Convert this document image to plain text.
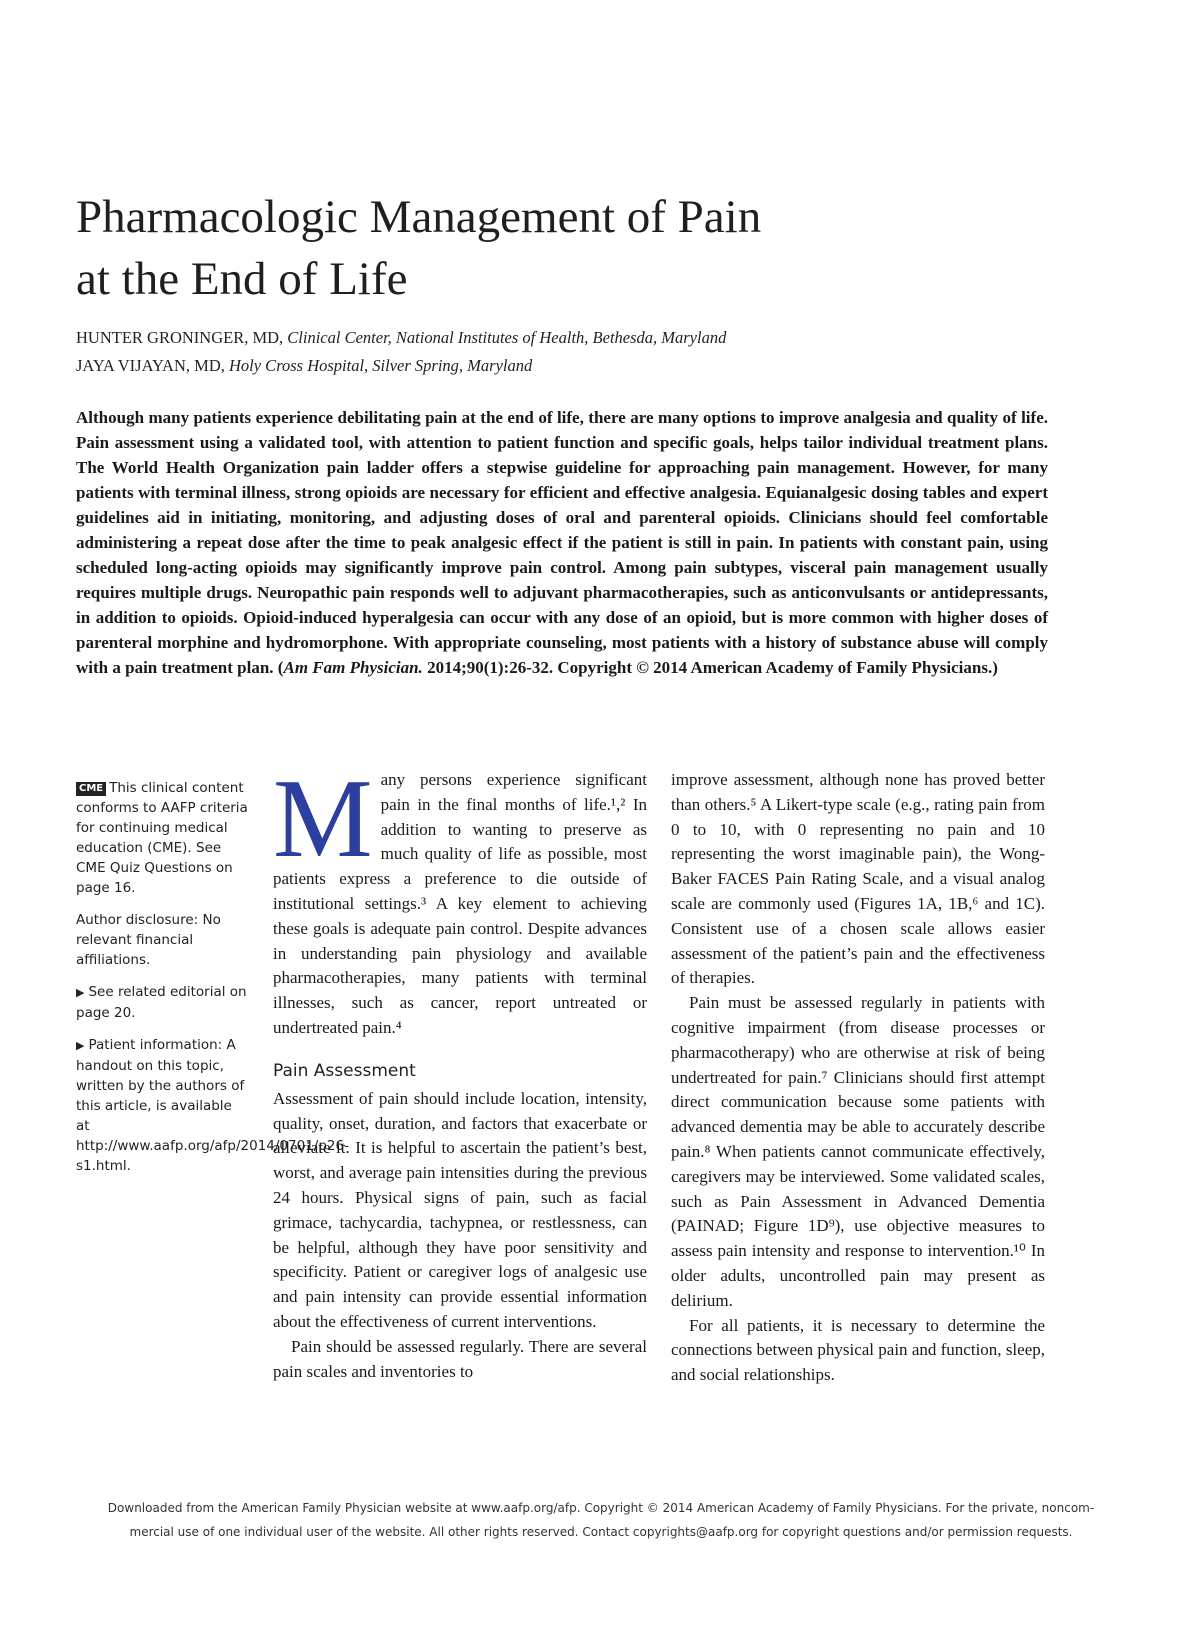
Pharmacologic Management of Pain
at the End of Life
HUNTER GRONINGER, MD, Clinical Center, National Institutes of Health, Bethesda, Maryland
JAYA VIJAYAN, MD, Holy Cross Hospital, Silver Spring, Maryland
Although many patients experience debilitating pain at the end of life, there are many options to improve analgesia and quality of life. Pain assessment using a validated tool, with attention to patient function and specific goals, helps tailor individual treatment plans. The World Health Organization pain ladder offers a stepwise guideline for approaching pain management. However, for many patients with terminal illness, strong opioids are necessary for efficient and effective analgesia. Equianalgesic dosing tables and expert guidelines aid in initiating, monitoring, and adjusting doses of oral and parenteral opioids. Clinicians should feel comfortable administering a repeat dose after the time to peak analgesic effect if the patient is still in pain. In patients with constant pain, using scheduled long-acting opioids may significantly improve pain control. Among pain subtypes, visceral pain management usually requires multiple drugs. Neuropathic pain responds well to adjuvant pharmacotherapies, such as anticonvulsants or antidepressants, in addition to opioids. Opioid-induced hyperalgesia can occur with any dose of an opioid, but is more common with higher doses of parenteral morphine and hydromorphone. With appropriate counseling, most patients with a history of substance abuse will comply with a pain treatment plan. (Am Fam Physician. 2014;90(1):26-32. Copyright © 2014 American Academy of Family Physicians.)

CME This clinical content conforms to AAFP criteria for continuing medical education (CME). See CME Quiz Questions on page 16.

Author disclosure: No relevant financial affiliations.

▶ See related editorial on page 20.

▶ Patient information: A handout on this topic, written by the authors of this article, is available at http://www.aafp.org/afp/2014/0701/p26-s1.html.

Many persons experience significant pain in the final months of life.¹,² In addition to wanting to preserve as much quality of life as possible, most patients express a preference to die outside of institutional settings.³ A key element to achieving these goals is adequate pain control. Despite advances in understanding pain physiology and available pharmacotherapies, many patients with terminal illnesses, such as cancer, report untreated or undertreated pain.⁴

Pain Assessment

Assessment of pain should include location, intensity, quality, onset, duration, and factors that exacerbate or alleviate it. It is helpful to ascertain the patient’s best, worst, and average pain intensities during the previous 24 hours. Physical signs of pain, such as facial grimace, tachycardia, tachypnea, or restlessness, can be helpful, although they have poor sensitivity and specificity. Patient or caregiver logs of analgesic use and pain intensity can provide essential information about the effectiveness of current interventions.

Pain should be assessed regularly. There are several pain scales and inventories to

improve assessment, although none has proved better than others.⁵ A Likert-type scale (e.g., rating pain from 0 to 10, with 0 representing no pain and 10 representing the worst imaginable pain), the Wong-Baker FACES Pain Rating Scale, and a visual analog scale are commonly used (Figures 1A, 1B,⁶ and 1C). Consistent use of a chosen scale allows easier assessment of the patient’s pain and the effectiveness of therapies.

Pain must be assessed regularly in patients with cognitive impairment (from disease processes or pharmacotherapy) who are otherwise at risk of being undertreated for pain.⁷ Clinicians should first attempt direct communication because some patients with advanced dementia may be able to accurately describe pain.⁸ When patients cannot communicate effectively, caregivers may be interviewed. Some validated scales, such as Pain Assessment in Advanced Dementia (PAINAD; Figure 1D⁹), use objective measures to assess pain intensity and response to intervention.¹⁰ In older adults, uncontrolled pain may present as delirium.

For all patients, it is necessary to determine the connections between physical pain and function, sleep, and social relationships.

Downloaded from the American Family Physician website at www.aafp.org/afp. Copyright © 2014 American Academy of Family Physicians. For the private, noncom-
mercial use of one individual user of the website. All other rights reserved. Contact copyrights@aafp.org for copyright questions and/or permission requests.
